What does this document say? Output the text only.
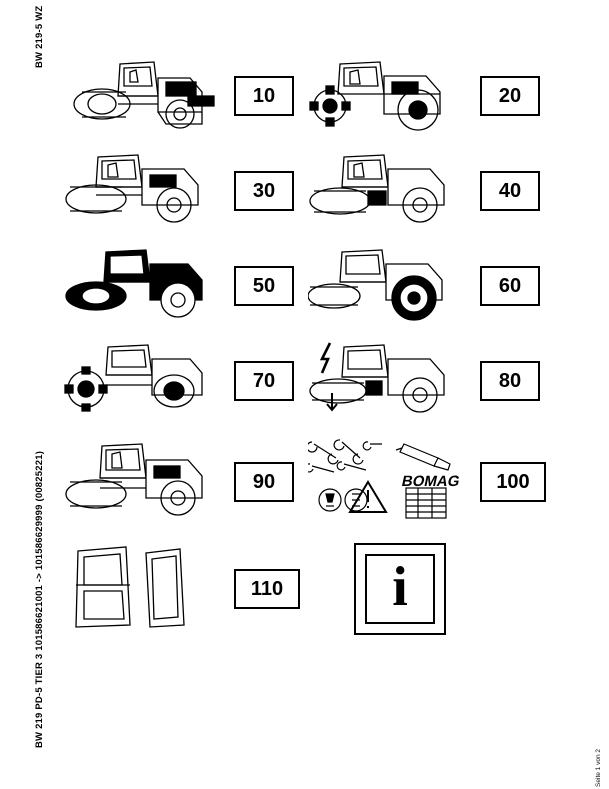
BW 219-5 WZ
BW 219 PD-5 TIER 3 101586621001 -> 101586629999 (00825221)
Seite 1 von 2
10	20
30	40
50	60
70	80
90	BOMAG	100
110	i
